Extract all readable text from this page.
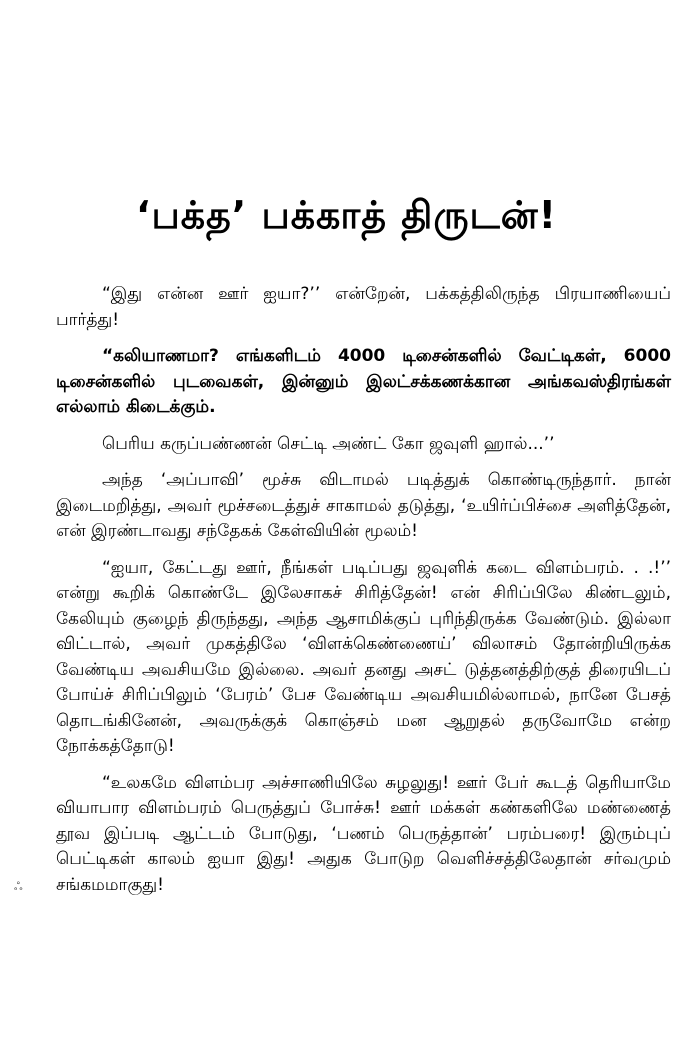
‘பக்த’ பக்காத் திருடன்!

“இது என்ன ஊர் ஐயா?’’ என்றேன், பக்கத்திலிருந்த பிரயாணியைப் பார்த்து!

“கலியாணமா? எங்களிடம் 4000 டிசைன்களில் வேட்டிகள், 6000 டிசைன்களில் புடவைகள், இன்னும் இலட்சக்கணக்கான அங்கவஸ்திரங்கள் எல்லாம் கிடைக்கும்.

பெரிய கருப்பண்ணன் செட்டி அண்ட் கோ ஜவுளி ஹால்...’’

அந்த ‘அப்பாவி’ மூச்சு விடாமல் படித்துக் கொண்டிருந்தார். நான் இடைமறித்து, அவர் மூச்சடைத்துச் சாகாமல் தடுத்து, ‘உயிர்ப்பிச்சை அளித்தேன், என் இரண்டாவது சந்தேகக் கேள்வியின் மூலம்!

“ஐயா, கேட்டது ஊர், நீங்கள் படிப்பது ஜவுளிக் கடை விளம்பரம். . .!’’ என்று கூறிக் கொண்டே இலேசாகச் சிரித்தேன்! என் சிரிப்பிலே கிண்டலும், கேலியும் குழைந் திருந்தது, அந்த ஆசாமிக்குப் புரிந்திருக்க வேண்டும். இல்லா விட்டால், அவர் முகத்திலே ‘விளக்கெண்ணைய்’ விலாசம் தோன்றியிருக்க வேண்டிய அவசியமே இல்லை. அவர் தனது அசட் டுத்தனத்திற்குத் திரையிடப் போய்ச் சிரிப்பிலும் ‘பேரம்’ பேச வேண்டிய அவசியமில்லாமல், நானே பேசத் தொடங்கினேன், அவருக்குக் கொஞ்சம் மன ஆறுதல் தருவோமே என்ற நோக்கத்தோடு!

“உலகமே விளம்பர அச்சாணியிலே சுழலுது! ஊர் பேர் கூடத் தெரியாமே வியாபார விளம்பரம் பெருத்துப் போச்சு! ஊர் மக்கள் கண்களிலே மண்ணைத் தூவ இப்படி ஆட்டம் போடுது, ‘பணம் பெருத்தான்’ பரம்பரை! இரும்புப் பெட்டிகள் காலம் ஐயா இது! அதுக போடுற வெளிச்சத்திலேதான் சர்வமும் சங்கமமாகுது!

ஃ
